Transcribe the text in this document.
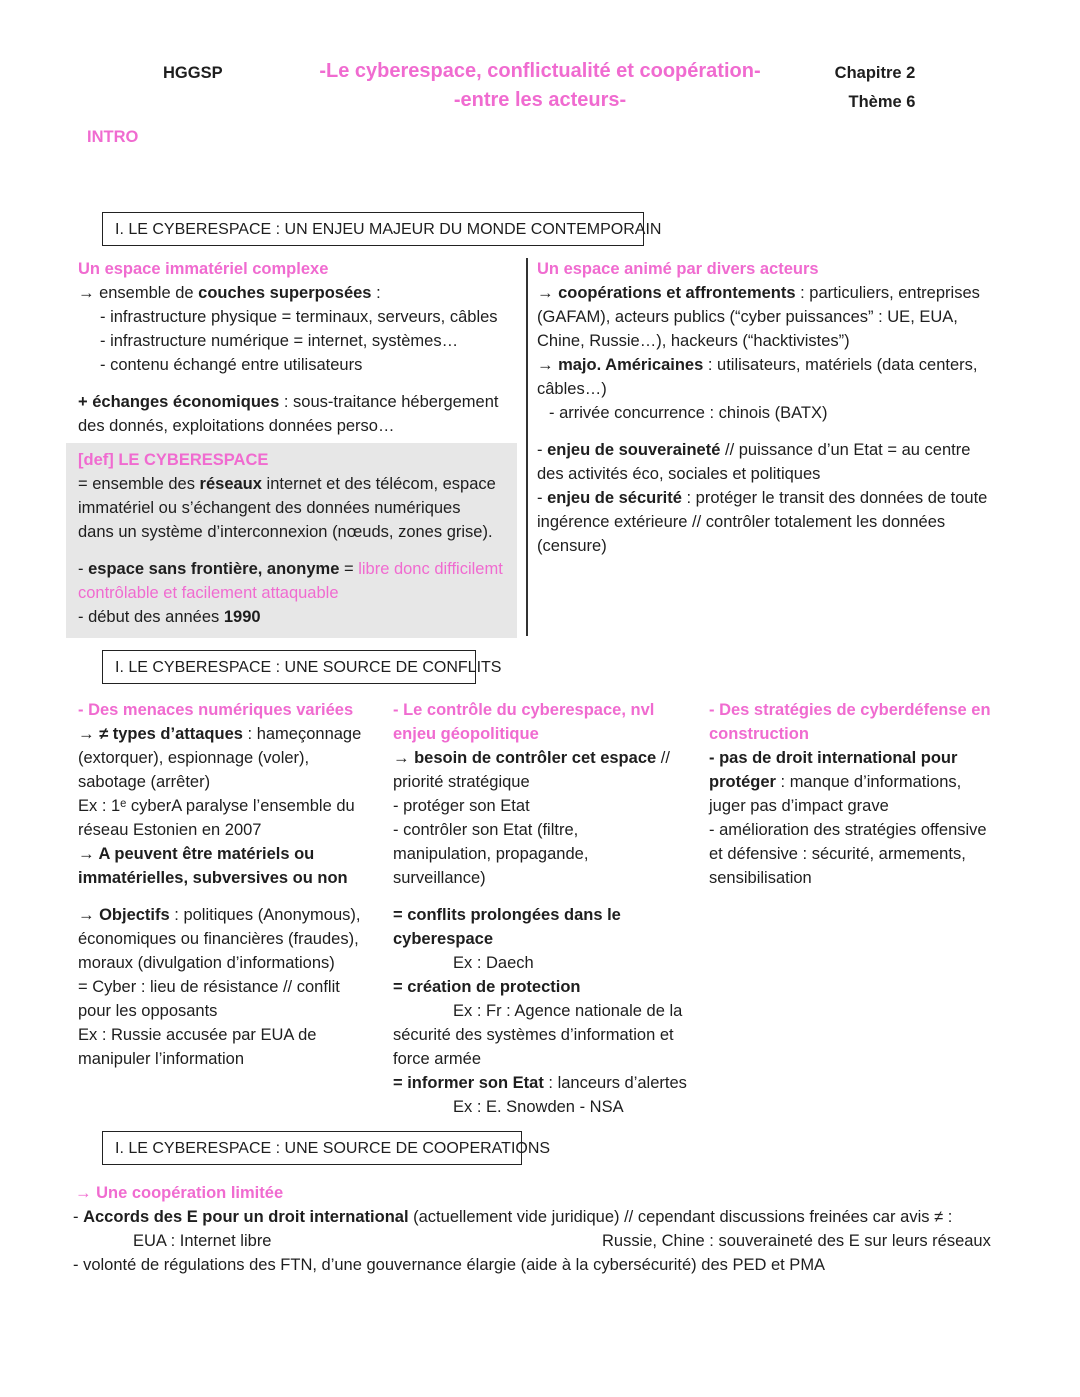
HGGSP	-Le cyberespace, conflictualité et coopération-
-entre les acteurs-
Chapitre 2
Thème 6
INTRO
I. LE CYBERESPACE : UN ENJEU MAJEUR DU MONDE CONTEMPORAIN
Un espace immatériel complexe
→ ensemble de couches superposées :
- infrastructure physique = terminaux, serveurs, câbles
- infrastructure numérique = internet, systèmes…
- contenu échangé entre utilisateurs
+ échanges économiques : sous-traitance hébergement
des donnés, exploitations données perso…
[def] LE CYBERESPACE
= ensemble des réseaux internet et des télécom, espace
immatériel ou s’échangent des données numériques
dans un système d’interconnexion (nœuds, zones grise).
- espace sans frontière, anonyme = libre donc difficilemt
contrôlable et facilement attaquable
- début des années 1990
Un espace animé par divers acteurs
→ coopérations et affrontements : particuliers, entreprises
(GAFAM), acteurs publics (“cyber puissances” : UE, EUA,
Chine, Russie…), hackeurs (“hacktivistes”)
→ majo. Américaines : utilisateurs, matériels (data centers,
câbles…)
- arrivée concurrence : chinois (BATX)
- enjeu de souveraineté // puissance d’un Etat = au centre
des activités éco, sociales et politiques
- enjeu de sécurité : protéger le transit des données de toute
ingérence extérieure // contrôler totalement les données
(censure)
I. LE CYBERESPACE : UNE SOURCE DE CONFLITS
- Des menaces numériques variées
→ ≠ types d’attaques : hameçonnage
(extorquer), espionnage (voler),
sabotage (arrêter)
Ex : 1ᵉ cyberA paralyse l’ensemble du
réseau Estonien en 2007
→ A peuvent être matériels ou
immatérielles, subversives ou non
→ Objectifs : politiques (Anonymous),
économiques ou financières (fraudes),
moraux (divulgation d’informations)
= Cyber : lieu de résistance // conflit
pour les opposants
Ex : Russie accusée par EUA de
manipuler l’information
- Le contrôle du cyberespace, nvl
enjeu géopolitique
→ besoin de contrôler cet espace //
priorité stratégique
- protéger son Etat
- contrôler son Etat (filtre,
manipulation, propagande,
surveillance)
= conflits prolongées dans le
cyberespace
Ex : Daech
= création de protection
Ex : Fr : Agence nationale de la
sécurité des systèmes d’information et
force armée
= informer son Etat : lanceurs d’alertes
Ex : E. Snowden - NSA
- Des stratégies de cyberdéfense en
construction
- pas de droit international pour
protéger : manque d’informations,
juger pas d’impact grave
- amélioration des stratégies offensive
et défensive : sécurité, armements,
sensibilisation
I. LE CYBERESPACE : UNE SOURCE DE COOPERATIONS
→ Une coopération limitée
- Accords des E pour un droit international (actuellement vide juridique) // cependant discussions freinées car avis ≠ :
EUA : Internet libre	Russie, Chine : souveraineté des E sur leurs réseaux
- volonté de régulations des FTN, d’une gouvernance élargie (aide à la cybersécurité) des PED et PMA
